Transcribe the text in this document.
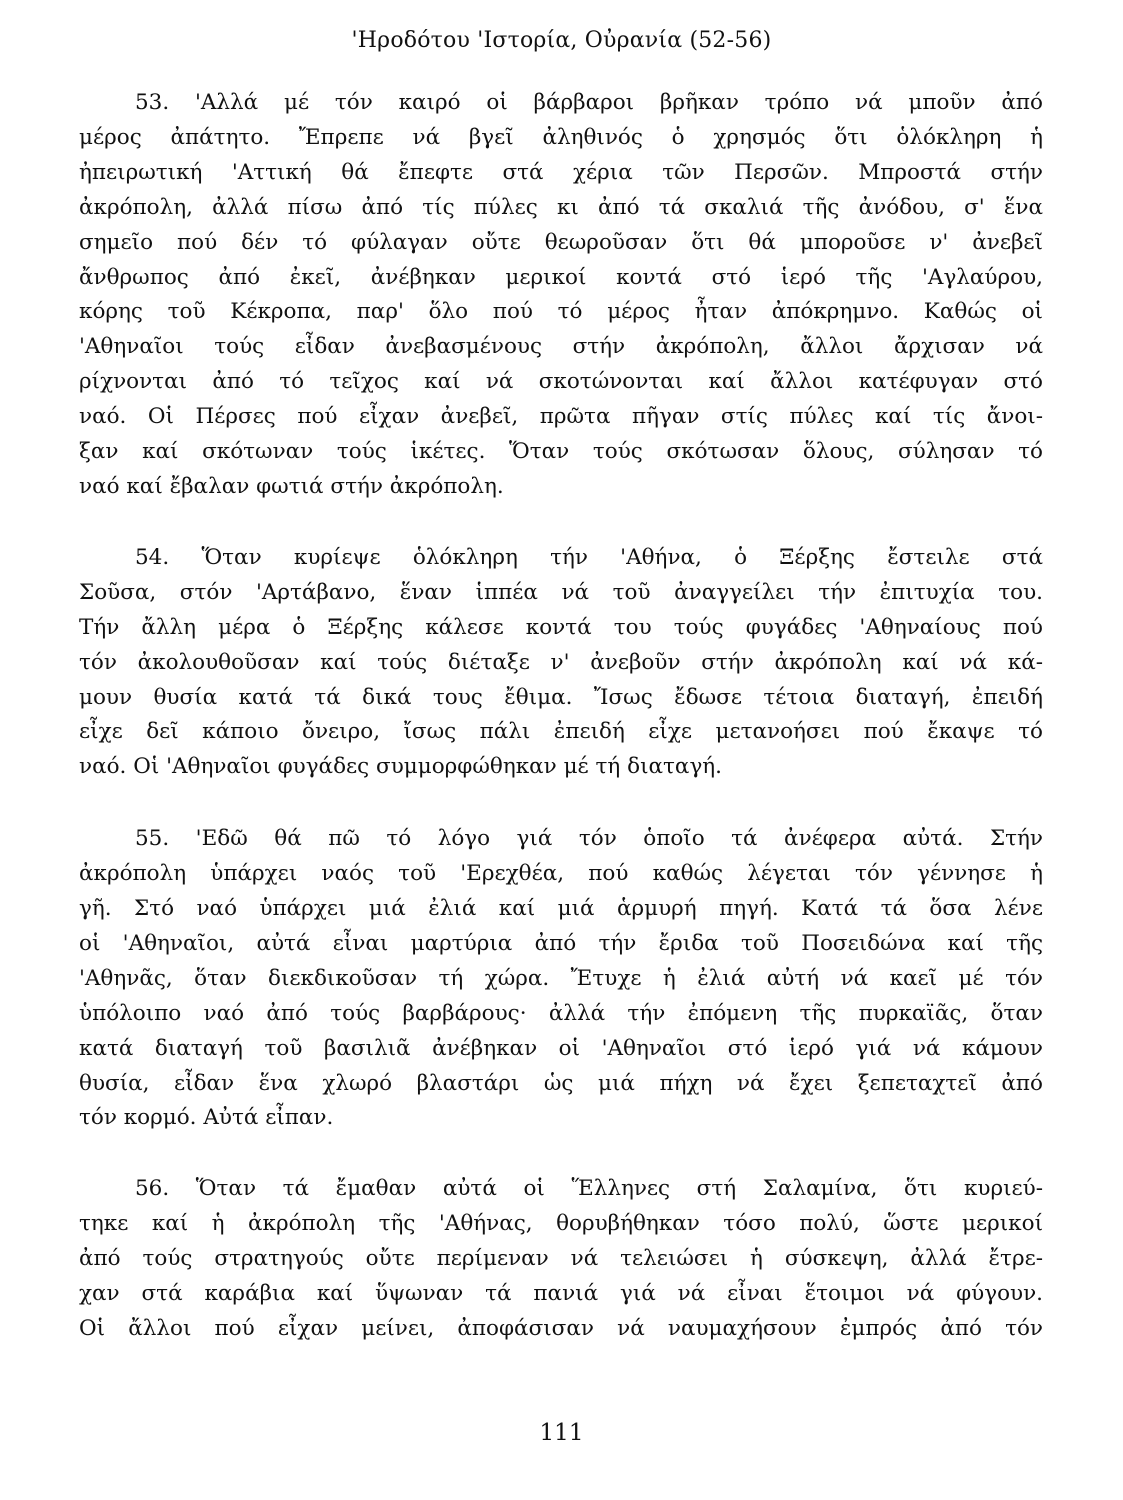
'Ηροδότου 'Ιστορία, Οὐρανία (52-56)

53. 'Αλλά μέ τόν καιρό οἱ βάρβαροι βρῆκαν τρόπο νά μποῦν ἀπό
μέρος ἀπάτητο. Ἔπρεπε νά βγεῖ ἀληθινός ὁ χρησμός ὅτι ὁλόκληρη ἡ
ἠπειρωτική 'Αττική θά ἔπεφτε στά χέρια τῶν Περσῶν. Μπροστά στήν
ἀκρόπολη, ἀλλά πίσω ἀπό τίς πύλες κι ἀπό τά σκαλιά τῆς ἀνόδου, σ' ἕνα
σημεῖο πού δέν τό φύλαγαν οὔτε θεωροῦσαν ὅτι θά μποροῦσε ν' ἀνεβεῖ
ἄνθρωπος ἀπό ἐκεῖ, ἀνέβηκαν μερικοί κοντά στό ἱερό τῆς 'Αγλαύρου,
κόρης τοῦ Κέκροπα, παρ' ὅλο πού τό μέρος ἦταν ἀπόκρημνο. Καθώς οἱ
'Αθηναῖοι τούς εἶδαν ἀνεβασμένους στήν ἀκρόπολη, ἄλλοι ἄρχισαν νά
ρίχνονται ἀπό τό τεῖχος καί νά σκοτώνονται καί ἄλλοι κατέφυγαν στό
ναό. Οἱ Πέρσες πού εἶχαν ἀνεβεῖ, πρῶτα πῆγαν στίς πύλες καί τίς ἄνοι-
ξαν καί σκότωναν τούς ἱκέτες. Ὅταν τούς σκότωσαν ὅλους, σύλησαν τό
ναό καί ἔβαλαν φωτιά στήν ἀκρόπολη.

54. Ὅταν κυρίεψε ὁλόκληρη τήν 'Αθήνα, ὁ Ξέρξης ἔστειλε στά
Σοῦσα, στόν 'Αρτάβανο, ἕναν ἱππέα νά τοῦ ἀναγγείλει τήν ἐπιτυχία του.
Τήν ἄλλη μέρα ὁ Ξέρξης κάλεσε κοντά του τούς φυγάδες 'Αθηναίους πού
τόν ἀκολουθοῦσαν καί τούς διέταξε ν' ἀνεβοῦν στήν ἀκρόπολη καί νά κά-
μουν θυσία κατά τά δικά τους ἔθιμα. Ἴσως ἔδωσε τέτοια διαταγή, ἐπειδή
εἶχε δεῖ κάποιο ὄνειρο, ἴσως πάλι ἐπειδή εἶχε μετανοήσει πού ἔκαψε τό
ναό. Οἱ 'Αθηναῖοι φυγάδες συμμορφώθηκαν μέ τή διαταγή.

55. 'Εδῶ θά πῶ τό λόγο γιά τόν ὁποῖο τά ἀνέφερα αὐτά. Στήν
ἀκρόπολη ὑπάρχει ναός τοῦ 'Ερεχθέα, πού καθώς λέγεται τόν γέννησε ἡ
γῆ. Στό ναό ὑπάρχει μιά ἐλιά καί μιά ἁρμυρή πηγή. Κατά τά ὅσα λένε
οἱ 'Αθηναῖοι, αὐτά εἶναι μαρτύρια ἀπό τήν ἔριδα τοῦ Ποσειδώνα καί τῆς
'Αθηνᾶς, ὅταν διεκδικοῦσαν τή χώρα. Ἔτυχε ἡ ἐλιά αὐτή νά καεῖ μέ τόν
ὑπόλοιπο ναό ἀπό τούς βαρβάρους· ἀλλά τήν ἐπόμενη τῆς πυρκαϊᾶς, ὅταν
κατά διαταγή τοῦ βασιλιᾶ ἀνέβηκαν οἱ 'Αθηναῖοι στό ἱερό γιά νά κάμουν
θυσία, εἶδαν ἕνα χλωρό βλαστάρι ὡς μιά πήχη νά ἔχει ξεπεταχτεῖ ἀπό
τόν κορμό. Αὐτά εἶπαν.

56. Ὅταν τά ἔμαθαν αὐτά οἱ Ἕλληνες στή Σαλαμίνα, ὅτι κυριεύ-
τηκε καί ἡ ἀκρόπολη τῆς 'Αθήνας, θορυβήθηκαν τόσο πολύ, ὥστε μερικοί
ἀπό τούς στρατηγούς οὔτε περίμεναν νά τελειώσει ἡ σύσκεψη, ἀλλά ἔτρε-
χαν στά καράβια καί ὕψωναν τά πανιά γιά νά εἶναι ἕτοιμοι νά φύγουν.
Οἱ ἄλλοι πού εἶχαν μείνει, ἀποφάσισαν νά ναυμαχήσουν ἐμπρός ἀπό τόν

111
